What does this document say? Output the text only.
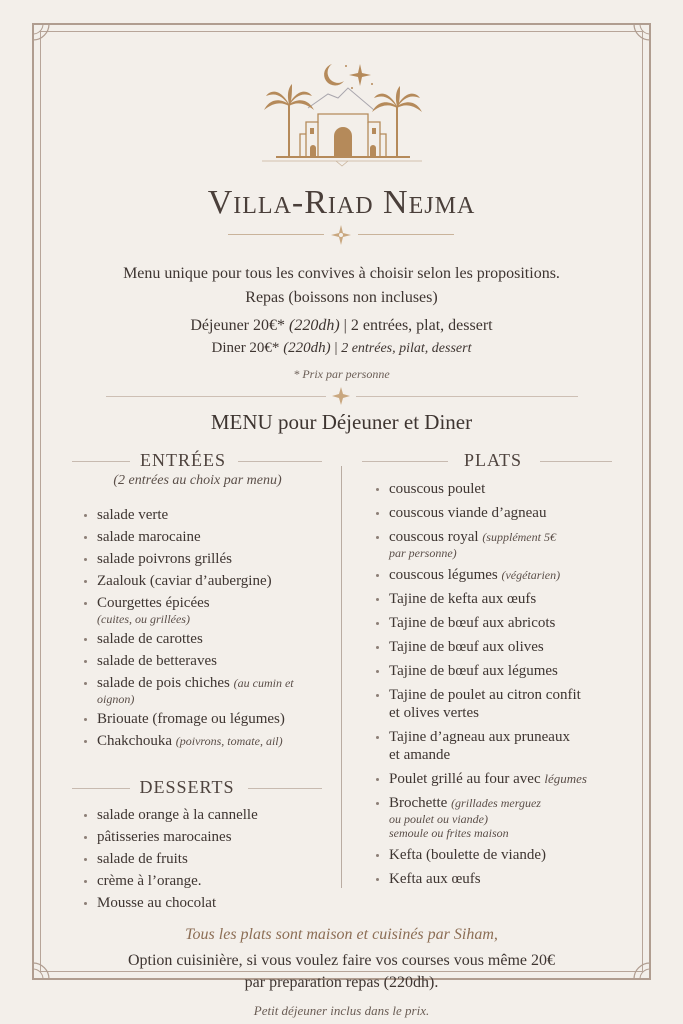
Villa-Riad Nejma
Menu unique pour tous les convives à choisir selon les propositions.
Repas (boissons non incluses)
Déjeuner 20€* (220dh) | 2 entrées, plat, dessert
Diner 20€* (220dh) | 2 entrées, pilat, dessert
* Prix par personne
MENU pour Déjeuner et Diner
ENTRÉES
(2 entrées au choix par menu)
salade verte
salade marocaine
salade poivrons grillés
Zaalouk (caviar d’aubergine)
Courgettes épicées
(cuites, ou grillées)
salade de carottes
salade de betteraves
salade de pois chiches (au cumin et
oignon)
Briouate (fromage ou légumes)
Chakchouka (poivrons, tomate, ail)
DESSERTS
salade orange à la cannelle
pâtisseries marocaines
salade de fruits
crème à l’orange.
Mousse au chocolat
PLATS
couscous poulet
couscous viande d’agneau
couscous royal (supplément 5€
par personne)
couscous légumes (végétarien)
Tajine de kefta aux œufs
Tajine de bœuf aux abricots
Tajine de bœuf aux olives
Tajine de bœuf aux légumes
Tajine de poulet au citron confit
et olives vertes
Tajine d’agneau aux pruneaux
et amande
Poulet grillé au four avec légumes
Brochette (grillades merguez
ou poulet ou viande)
semoule ou frites maison
Kefta (boulette de viande)
Kefta aux œufs
Tous les plats sont maison et cuisinés par Siham,
Option cuisinière, si vous voulez faire vos courses vous même 20€
par preparation repas (220dh).
Petit déjeuner inclus dans le prix.
